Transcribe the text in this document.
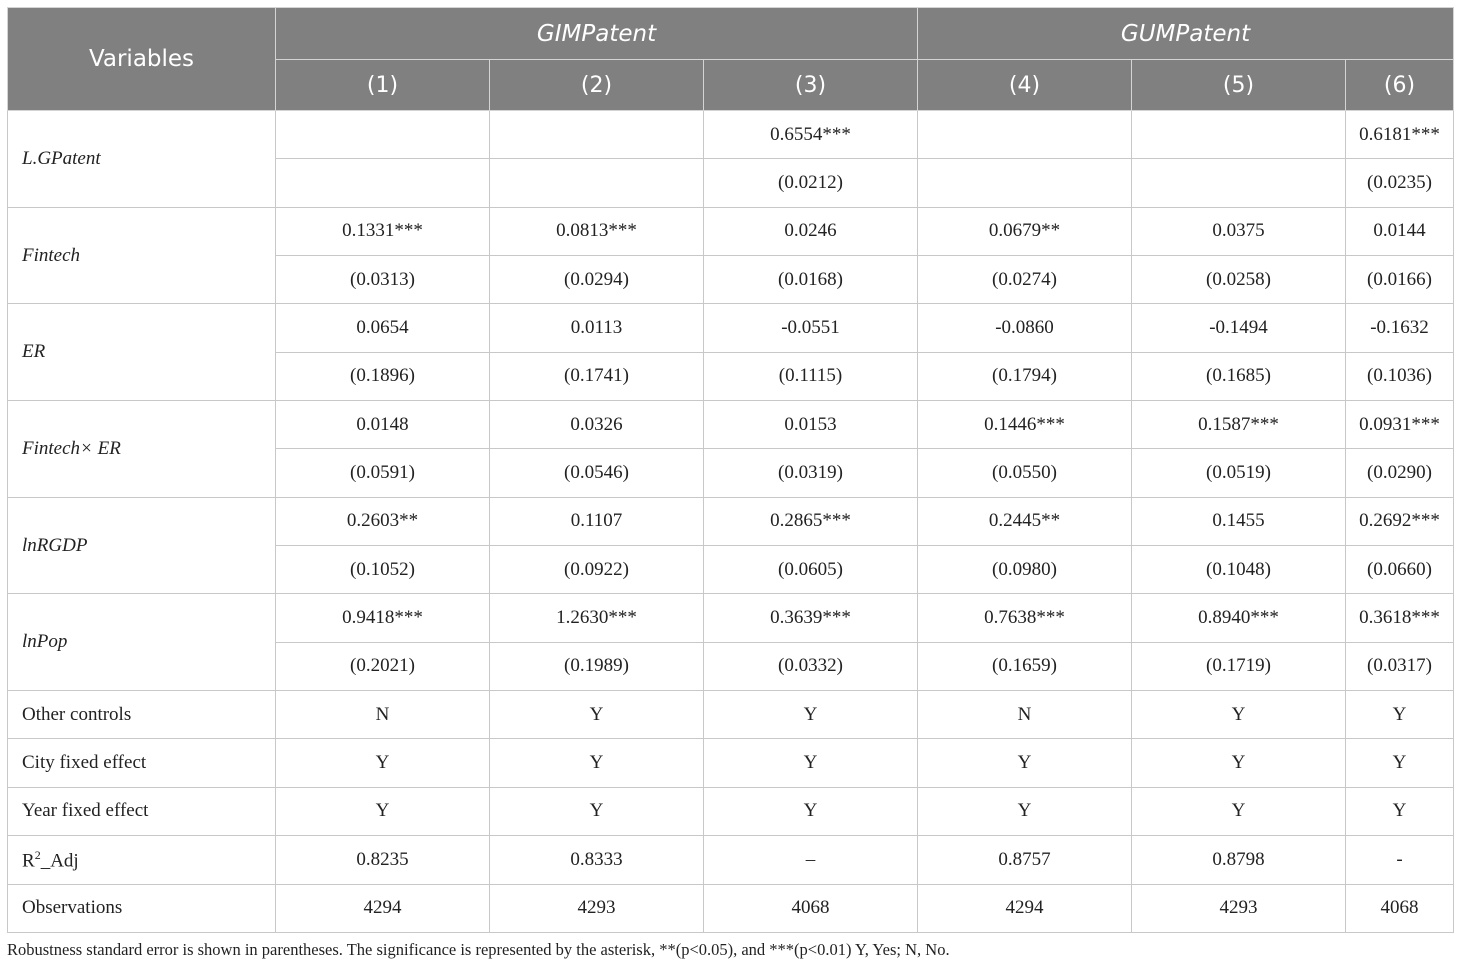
Variables	GIMPatent			GUMPatent		
	(1)	(2)	(3)	(4)	(5)	(6)
L.GPatent			0.6554***			0.6181***
			(0.0212)			(0.0235)
Fintech	0.1331***	0.0813***	0.0246	0.0679**	0.0375	0.0144
	(0.0313)	(0.0294)	(0.0168)	(0.0274)	(0.0258)	(0.0166)
ER	0.0654	0.0113	-0.0551	-0.0860	-0.1494	-0.1632
	(0.1896)	(0.1741)	(0.1115)	(0.1794)	(0.1685)	(0.1036)
Fintech× ER	0.0148	0.0326	0.0153	0.1446***	0.1587***	0.0931***
	(0.0591)	(0.0546)	(0.0319)	(0.0550)	(0.0519)	(0.0290)
lnRGDP	0.2603**	0.1107	0.2865***	0.2445**	0.1455	0.2692***
	(0.1052)	(0.0922)	(0.0605)	(0.0980)	(0.1048)	(0.0660)
lnPop	0.9418***	1.2630***	0.3639***	0.7638***	0.8940***	0.3618***
	(0.2021)	(0.1989)	(0.0332)	(0.1659)	(0.1719)	(0.0317)
Other controls	N	Y	Y	N	Y	Y
City fixed effect	Y	Y	Y	Y	Y	Y
Year fixed effect	Y	Y	Y	Y	Y	Y
$R^2\_Adj$	0.8235	0.8333	–	0.8757	0.8798	-
Observations	4294	4293	4068	4294	4293	4068
Robustness standard error is shown in parentheses. The significance is represented by the asterisk, **(p<0.05), and ***(p<0.01) Y, Yes; N, No.
